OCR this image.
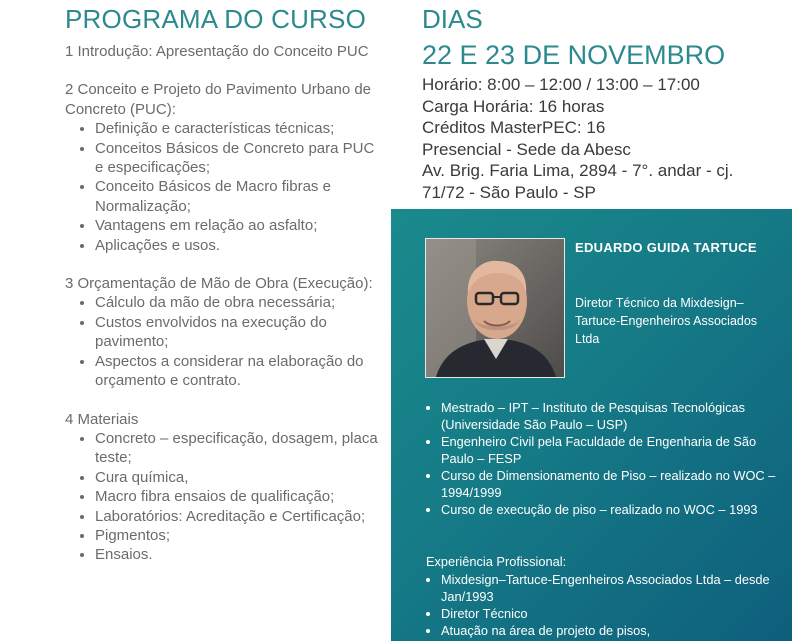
PROGRAMA DO CURSO

1 Introdução: Apresentação do Conceito PUC

2 Conceito e Projeto do Pavimento Urbano de Concreto (PUC):

• Definição e características técnicas;
• Conceitos Básicos de Concreto para PUC e especificações;
• Conceito Básicos de Macro fibras e Normalização;
• Vantagens em relação ao asfalto;
• Aplicações e usos.

3 Orçamentação de Mão de Obra (Execução):

• Cálculo da mão de obra necessária;
• Custos envolvidos na execução do pavimento;
• Aspectos a considerar na elaboração do orçamento e contrato.

4 Materiais

• Concreto – especificação, dosagem, placa teste;
• Cura química,
• Macro fibra ensaios de qualificação;
• Laboratórios: Acreditação e Certificação;
• Pigmentos;
• Ensaios.
DIAS
22 E 23 DE NOVEMBRO
Horário: 8:00 – 12:00 / 13:00 – 17:00
Carga Horária: 16 horas
Créditos MasterPEC: 16
Presencial - Sede da Abesc
Av. Brig. Faria Lima, 2894 - 7°. andar - cj. 71/72 - São Paulo - SP
EDUARDO GUIDA TARTUCE
Diretor Técnico da Mixdesign–Tartuce-Engenheiros Associados Ltda
• Mestrado – IPT – Instituto de Pesquisas Tecnológicas (Universidade São Paulo – USP)
• Engenheiro Civil pela Faculdade de Engenharia de São Paulo – FESP
• Curso de Dimensionamento de Piso – realizado no WOC – 1994/1999
• Curso de execução de piso – realizado no WOC – 1993
Experiência Profissional:
• Mixdesign–Tartuce-Engenheiros Associados Ltda – desde Jan/1993
• Diretor Técnico
• Atuação na área de projeto de pisos,
